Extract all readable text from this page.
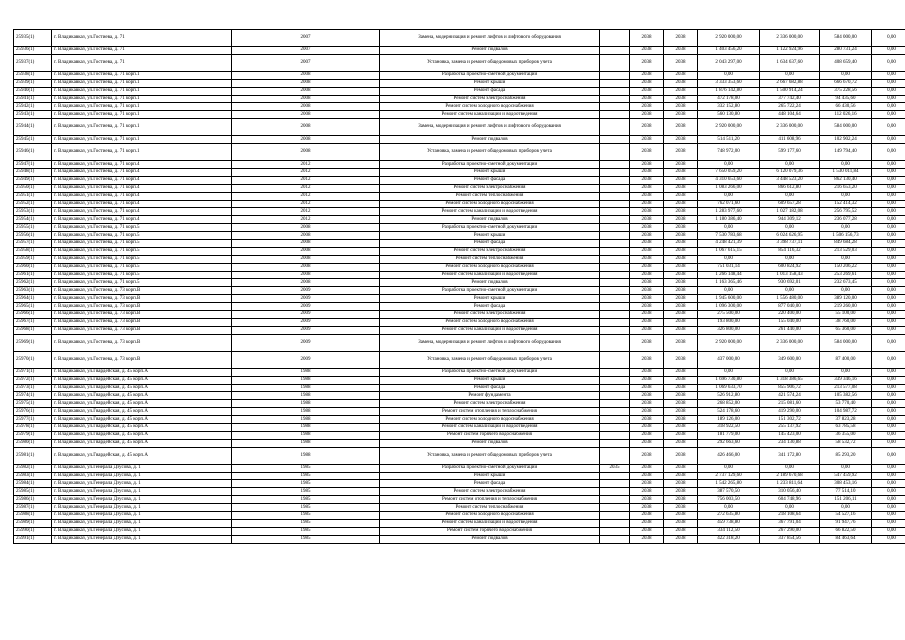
25935(1)	г. Владикавказ, ул.Гостиева, д. 71	2007	Замена, модернизация и ремонт лифтов и лифтового оборудования		2038	2038	2 920 000,00	2 336 000,00	584 000,00	0,00
25936(1)	г. Владикавказ, ул.Гостиева, д. 71	2007	Ремонт подвалов		2038	2038	1 403 456,20	1 122 924,96	280 731,24	0,00
25937(1)	г. Владикавказ, ул.Гостиева, д. 71	2007	Установка, замена и ремонт общедомовых приборов учета		2038	2038	2 043 297,00	1 634 637,60	408 659,40	0,00
25938(1)	г. Владикавказ, ул.Гостиева, д. 71 корп.1	2008	Разработка проектно-сметной документации		2038	2038	0,00	0,00	0,00	0,00
25939(1)	г. Владикавказ, ул.Гостиева, д. 71 корп.1	2008	Ремонт крыши		2038	2038	3 333 353,60	2 667 682,88	666 670,72	0,00
25940(1)	г. Владикавказ, ул.Гостиева, д. 71 корп.1	2008	Ремонт фасада		2038	2038	1 876 142,80	1 500 914,24	375 228,56	0,00
25941(1)	г. Владикавказ, ул.Гостиева, д. 71 корп.1	2008	Ремонт систем электроснабжения		2038	2038	472 178,00	377 742,40	94 435,60	0,00
25942(1)	г. Владикавказ, ул.Гостиева, д. 71 корп.1	2008	Ремонт систем холодного водоснабжения		2038	2038	332 152,80	265 722,24	66 430,56	0,00
25943(1)	г. Владикавказ, ул.Гостиева, д. 71 корп.1	2008	Ремонт систем канализации и водоотведения		2038	2038	560 130,80	448 104,64	112 026,16	0,00
25944(1)	г. Владикавказ, ул.Гостиева, д. 71 корп.1	2008	Замена, модернизация и ремонт лифтов и лифтового оборудования		2038	2038	2 920 000,00	2 336 000,00	584 000,00	0,00
25945(1)	г. Владикавказ, ул.Гостиева, д. 71 корп.1	2008	Ремонт подвалов		2038	2038	514 511,20	411 608,96	102 902,24	0,00
25946(1)	г. Владикавказ, ул.Гостиева, д. 71 корп.1	2008	Установка, замена и ремонт общедомовых приборов учета		2038	2038	748 972,00	599 177,60	149 794,40	0,00
25947(1)	г. Владикавказ, ул.Гостиева, д. 71 корп.4	2012	Разработка проектно-сметной документации		2038	2038	0,00	0,00	0,00	0,00
25948(1)	г. Владикавказ, ул.Гостиева, д. 71 корп.4	2012	Ремонт крыши		2038	2038	7 650 059,20	6 120 079,36	1 530 011,84	0,00
25949(1)	г. Владикавказ, ул.Гостиева, д. 71 корп.4	2012	Ремонт фасада		2038	2038	4 310 653,60	3 448 523,20	862 130,40	0,00
25950(1)	г. Владикавказ, ул.Гостиева, д. 71 корп.4	2012	Ремонт систем электроснабжения		2038	2038	1 083 266,00	866 612,80	216 653,20	0,00
25951(1)	г. Владикавказ, ул.Гостиева, д. 71 корп.4	2012	Ремонт систем теплоснабжения		2038	2038	0,00	0,00	0,00	0,00
25952(1)	г. Владикавказ, ул.Гостиева, д. 71 корп.4	2012	Ремонт систем холодного водоснабжения		2038	2038	762 071,60	609 657,28	152 414,32	0,00
25953(1)	г. Владикавказ, ул.Гостиева, д. 71 корп.4	2012	Ремонт систем канализации и водоотведения		2038	2038	1 283 977,60	1 027 182,08	256 795,52	0,00
25954(1)	г. Владикавказ, ул.Гостиева, д. 71 корп.4	2012	Ремонт подвалов		2038	2038	1 180 386,40	944 309,12	236 077,28	0,00
25955(1)	г. Владикавказ, ул.Гостиева, д. 71 корп.5	2008	Разработка проектно-сметной документации		2038	2038	0,00	0,00	0,00	0,00
25956(1)	г. Владикавказ, ул.Гостиева, д. 71 корп.5	2008	Ремонт крыши		2038	2038	7 530 783,68	6 024 626,95	1 506 156,73	0,00
25957(1)	г. Владикавказ, ул.Гостиева, д. 71 корп.5	2008	Ремонт фасада		2038	2038	4 248 421,39	3 398 737,11	849 684,28	0,00
25958(1)	г. Владикавказ, ул.Гостиева, д. 71 корп.5	2008	Ремонт систем электроснабжения		2038	2038	1 067 615,15	854 116,32	213 529,03	0,00
25959(1)	г. Владикавказ, ул.Гостиева, д. 71 корп.5	2008	Ремонт систем теплоснабжения		2038	2038	0,00	0,00	0,00	0,00
25960(1)	г. Владикавказ, ул.Гостиева, д. 71 корп.5	2008	Ремонт систем холодного водоснабжения		2038	2038	751 031,14	600 824,92	150 206,22	0,00
25961(1)	г. Владикавказ, ул.Гостиева, д. 71 корп.5	2008	Ремонт систем канализации и водоотведения		2038	2038	1 266 148,44	1 013 158,43	253 269,61	0,00
25962(1)	г. Владикавказ, ул.Гостиева, д. 71 корп.5	2008	Ремонт подвалов		2038	2038	1 163 365,46	930 692,01	232 673,45	0,00
25963(1)	г. Владикавказ, ул.Гостиева, д. 73 корп.В	2009	Разработка проектно-сметной документации		2038	2038	0,00	0,00	0,00	0,00
25964(1)	г. Владикавказ, ул.Гостиева, д. 73 корп.В	2009	Ремонт крыши		2038	2038	1 945 600,00	1 556 480,00	389 120,00	0,00
25965(1)	г. Владикавказ, ул.Гостиева, д. 73 корп.В	2009	Ремонт фасада		2038	2038	1 096 300,00	877 040,00	219 260,00	0,00
25966(1)	г. Владикавказ, ул.Гостиева, д. 73 корп.В	2009	Ремонт систем электроснабжения		2038	2038	275 500,00	220 400,00	55 100,00	0,00
25967(1)	г. Владикавказ, ул.Гостиева, д. 73 корп.В	2009	Ремонт систем холодного водоснабжения		2038	2038	193 800,00	155 040,00	38 760,00	0,00
25968(1)	г. Владикавказ, ул.Гостиева, д. 73 корп.В	2009	Ремонт систем канализации и водоотведения		2038	2038	326 800,00	261 440,00	65 360,00	0,00
25969(1)	г. Владикавказ, ул.Гостиева, д. 73 корп.В	2009	Замена, модернизация и ремонт лифтов и лифтового оборудования		2038	2038	2 920 000,00	2 336 000,00	584 000,00	0,00
25970(1)	г. Владикавказ, ул.Гостиева, д. 73 корп.В	2009	Установка, замена и ремонт общедомовых приборов учета		2038	2038	437 000,00	349 600,00	87 400,00	0,00
25971(1)	г. Владикавказ, ул.Гвардейская, д. 45 корп.А	1988	Разработка проектно-сметной документации		2038	2038	0,00	0,00	0,00	0,00
25972(1)	г. Владикавказ, ул.Гвардейская, д. 45 корп.А	1988	Ремонт крыши		2038	2038	1 696 730,80	1 318 386,65	339 346,16	0,00
25973(1)	г. Владикавказ, ул.Гвардейская, д. 45 корп.А	1988	Ремонт фасада		2038	2038	1 069 633,70	855 906,72	213 577,08	0,00
25974(1)	г. Владикавказ, ул.Гвардейская, д. 45 корп.А	1988	Ремонт фундамента		2038	2038	526 912,80	421 574,24	105 382,56	0,00
25975(1)	г. Владикавказ, ул.Гвардейская, д. 45 корп.А	1988	Ремонт систем электроснабжения		2038	2038	268 852,00	215 081,60	53 770,40	0,00
25976(1)	г. Владикавказ, ул.Гвардейская, д. 45 корп.А	1988	Ремонт систем отопления и теплоснабжения		2038	2038	524 178,60	419 290,00	104 987,72	0,00
25977(1)	г. Владикавказ, ул.Гвардейская, д. 45 корп.А	1988	Ремонт систем холодного водоснабжения		2038	2038	189 126,00	151 302,72	37 823,28	0,00
25978(1)	г. Владикавказ, ул.Гвардейская, д. 45 корп.А	1988	Ремонт систем канализации и водоотведения		2038	2038	318 922,50	255 137,92	63 785,58	0,00
25979(1)	г. Владикавказ, ул.Гвардейская, д. 45 корп.А	1988	Ремонт систем горячего водоснабжения		2038	2038	181 779,00	145 423,00	36 355,00	0,00
25980(1)	г. Владикавказ, ул.Гвардейская, д. 45 корп.А	1988	Ремонт подвалов		2038	2038	292 663,60	234 130,88	58 532,72	0,00
25981(1)	г. Владикавказ, ул.Гвардейская, д. 45 корп.А	1988	Установка, замена и ремонт общедомовых приборов учета		2038	2038	426 466,00	341 172,80	85 293,20	0,00
25982(1)	г. Владикавказ, ул.Генерала Дзусова, д. 1	1985	Разработка проектно-сметной документации	2035	2038	2038	0,00	0,00	0,00	0,00
25983(1)	г. Владикавказ, ул.Генерала Дзусова, д. 1	1985	Ремонт крыши		2038	2038	2 737 129,60	2 189 670,68	547 459,92	0,00
25984(1)	г. Владикавказ, ул.Генерала Дзусова, д. 1	1985	Ремонт фасада		2038	2038	1 542 265,80	1 233 811,64	308 453,16	0,00
25985(1)	г. Владикавказ, ул.Генерала Дзусова, д. 1	1985	Ремонт систем электроснабжения		2038	2038	387 570,50	310 056,40	77 514,10	0,00
25986(1)	г. Владикавказ, ул.Генерала Дзусова, д. 1	1985	Ремонт систем отопления и теплоснабжения		2038	2038	756 003,50	604 748,96	151 206,11	0,00
25987(1)	г. Владикавказ, ул.Генерала Дзусова, д. 1	1985	Ремонт систем теплоснабжения		2038	2038	0,00	0,00	0,00	0,00
25988(1)	г. Владикавказ, ул.Генерала Дзусова, д. 1	1985	Ремонт систем холодного водоснабжения		2038	2038	272 635,80	218 108,64	54 527,16	0,00
25989(1)	г. Владикавказ, ул.Генерала Дзусова, д. 1	1985	Ремонт систем канализации и водоотведения		2038	2038	459 738,80	367 791,04	91 947,76	0,00
25990(1)	г. Владикавказ, ул.Генерала Дзусова, д. 1	1985	Ремонт систем горячего водоснабжения		2038	2038	334 112,50	267 290,00	66 822,50	0,00
25991(1)	г. Владикавказ, ул.Генерала Дзусова, д. 1	1985	Ремонт подвалов		2038	2038	422 318,20	337 854,56	84 463,64	0,00
